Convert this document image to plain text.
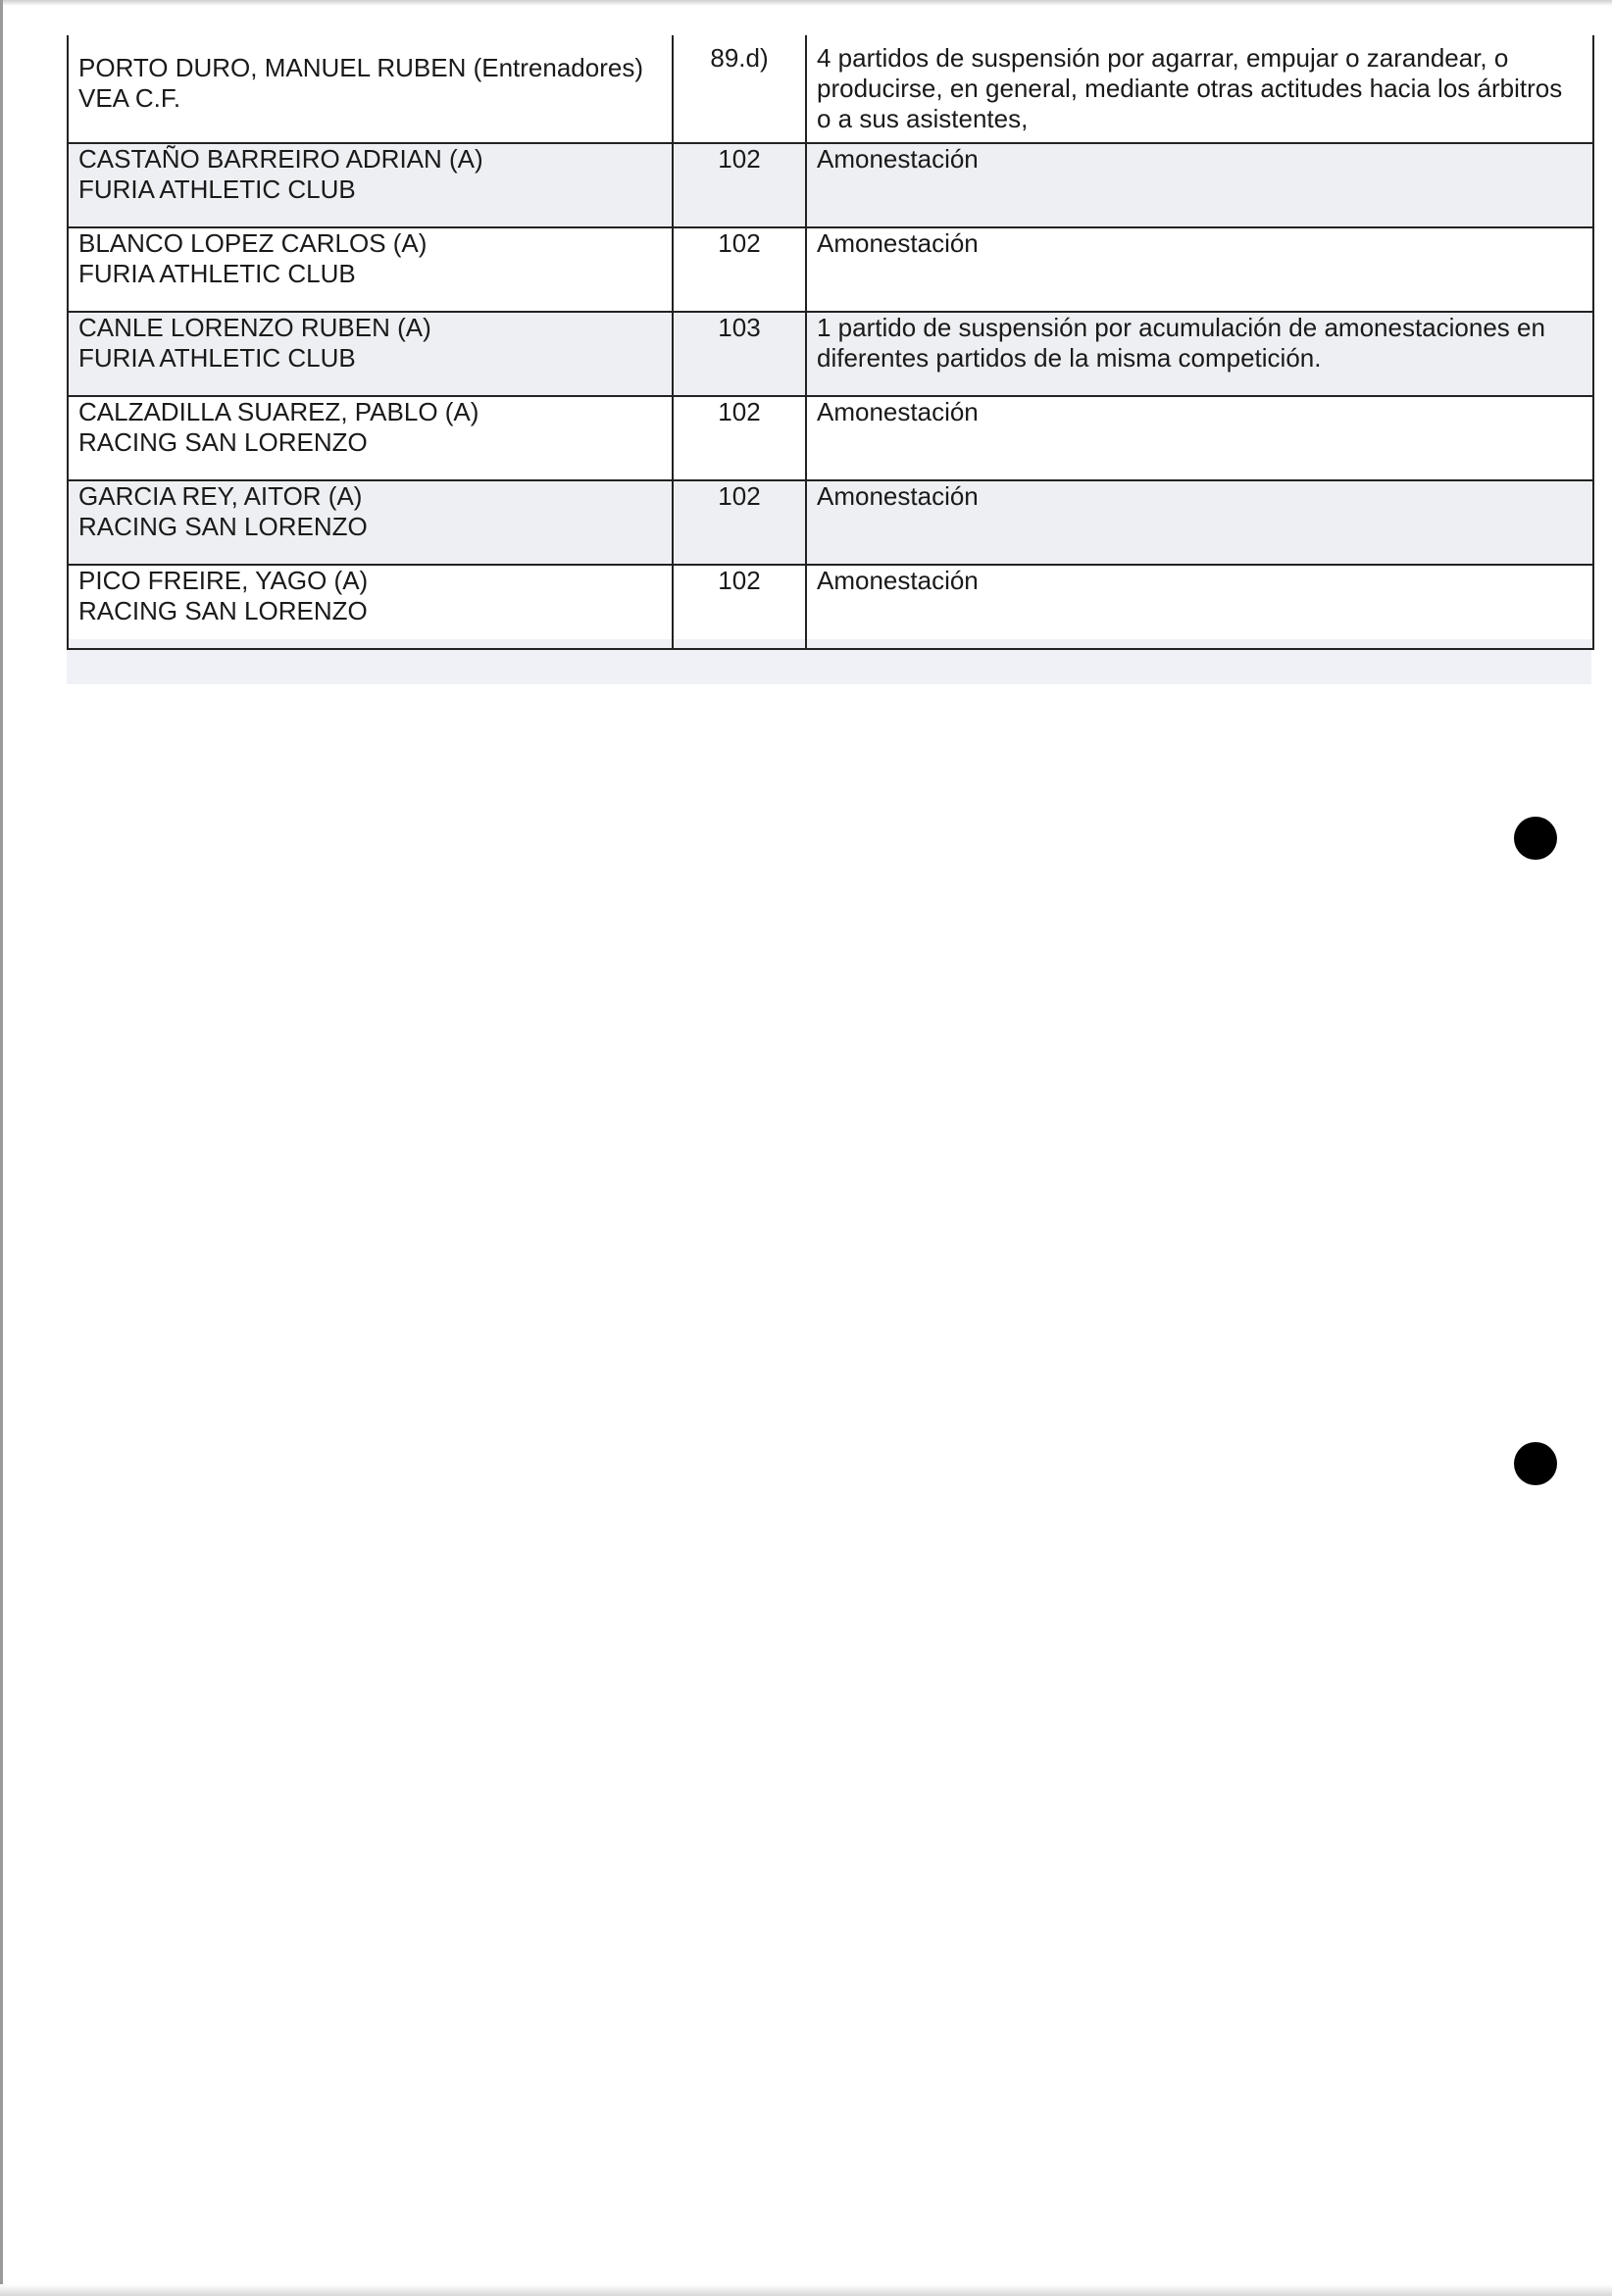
PORTO DURO, MANUEL RUBEN (Entrenadores)
VEA C.F.	89.d)	4 partidos de suspensión por agarrar, empujar o zarandear, o producirse, en general, mediante otras actitudes hacia los árbitros o a sus asistentes,

CASTAÑO BARREIRO ADRIAN (A)
FURIA ATHLETIC CLUB	102	Amonestación

BLANCO LOPEZ CARLOS (A)
FURIA ATHLETIC CLUB	102	Amonestación

CANLE LORENZO RUBEN (A)
FURIA ATHLETIC CLUB	103	1 partido de suspensión por acumulación de amonestaciones en diferentes partidos de la misma competición.

CALZADILLA SUAREZ, PABLO (A)
RACING SAN LORENZO	102	Amonestación

GARCIA REY, AITOR (A)
RACING SAN LORENZO	102	Amonestación

PICO FREIRE, YAGO (A)
RACING SAN LORENZO	102	Amonestación
